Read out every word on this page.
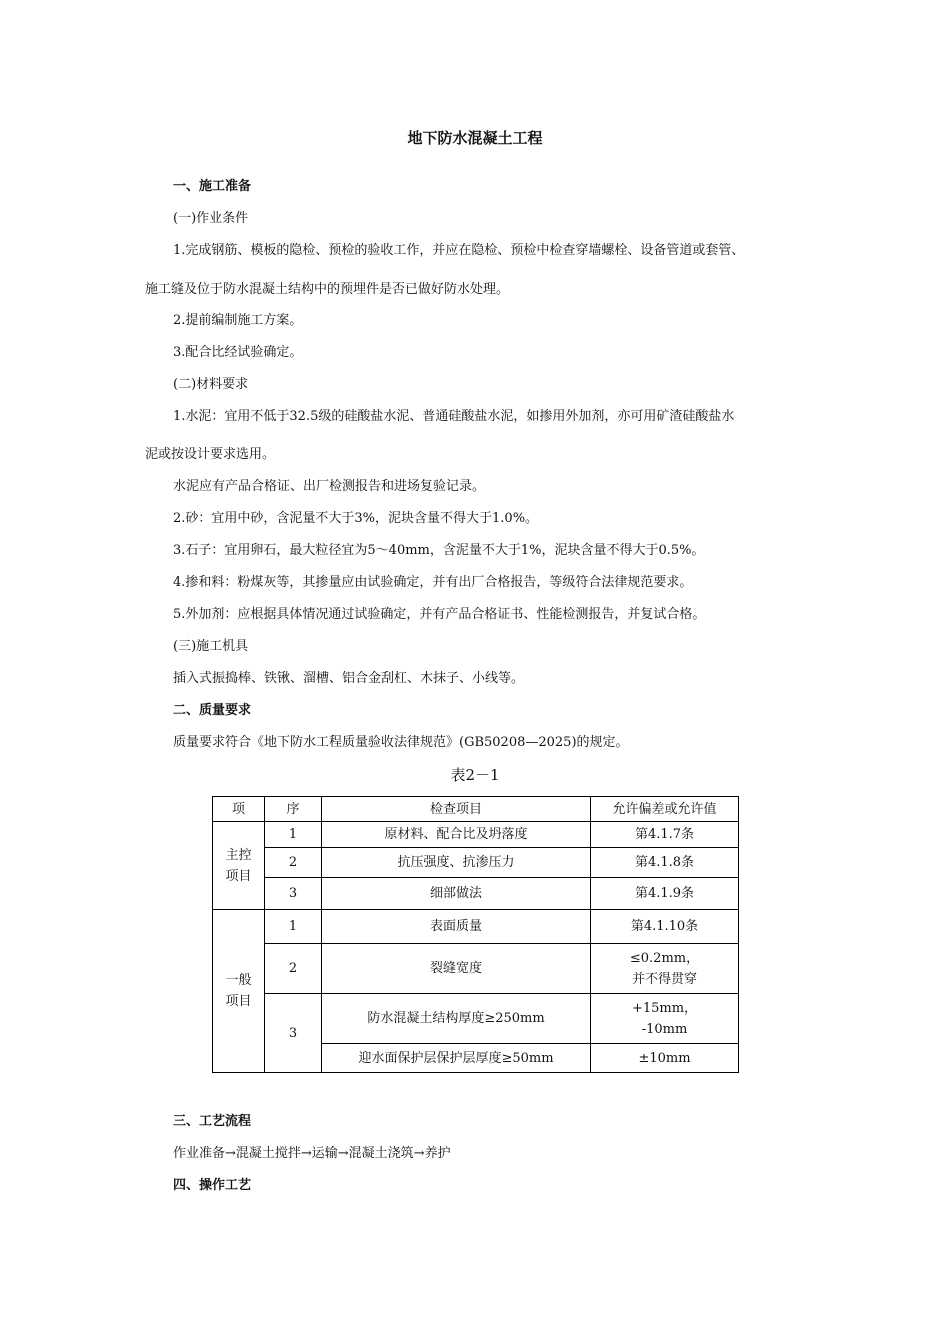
地下防水混凝土工程
一、施工准备
(一)作业条件
1.完成钢筋、模板的隐检、预检的验收工作，并应在隐检、预检中检查穿墙螺栓、设备管道或套管、
施工缝及位于防水混凝土结构中的预埋件是否已做好防水处理。
2.提前编制施工方案。
3.配合比经试验确定。
(二)材料要求
1.水泥：宜用不低于32.5级的硅酸盐水泥、普通硅酸盐水泥，如掺用外加剂，亦可用矿渣硅酸盐水
泥或按设计要求选用。
水泥应有产品合格证、出厂检测报告和进场复验记录。
2.砂：宜用中砂，含泥量不大于3%，泥块含量不得大于1.0%。
3.石子：宜用卵石，最大粒径宜为5～40mm，含泥量不大于1%，泥块含量不得大于0.5%。
4.掺和料：粉煤灰等，其掺量应由试验确定，并有出厂合格报告，等级符合法律规范要求。
5.外加剂：应根据具体情况通过试验确定，并有产品合格证书、性能检测报告，并复试合格。
(三)施工机具
插入式振捣棒、铁锹、溜槽、铝合金刮杠、木抹子、小线等。
二、质量要求
质量要求符合《地下防水工程质量验收法律规范》(GB50208—2025)的规定。
表2－1
项	序	检查项目	允许偏差或允许值
主控
项目	1	原材料、配合比及坍落度	第4.1.7条
	2	抗压强度、抗渗压力	第4.1.8条
	3	细部做法	第4.1.9条
一般
项目	1	表面质量	第4.1.10条
	2	裂缝宽度	≤0.2mm，
并不得贯穿
	3	防水混凝土结构厚度≥250mm	+15mm，
-10mm
		迎水面保护层保护层厚度≥50mm	±10mm
三、工艺流程
作业准备→混凝土搅拌→运输→混凝土浇筑→养护
四、操作工艺
